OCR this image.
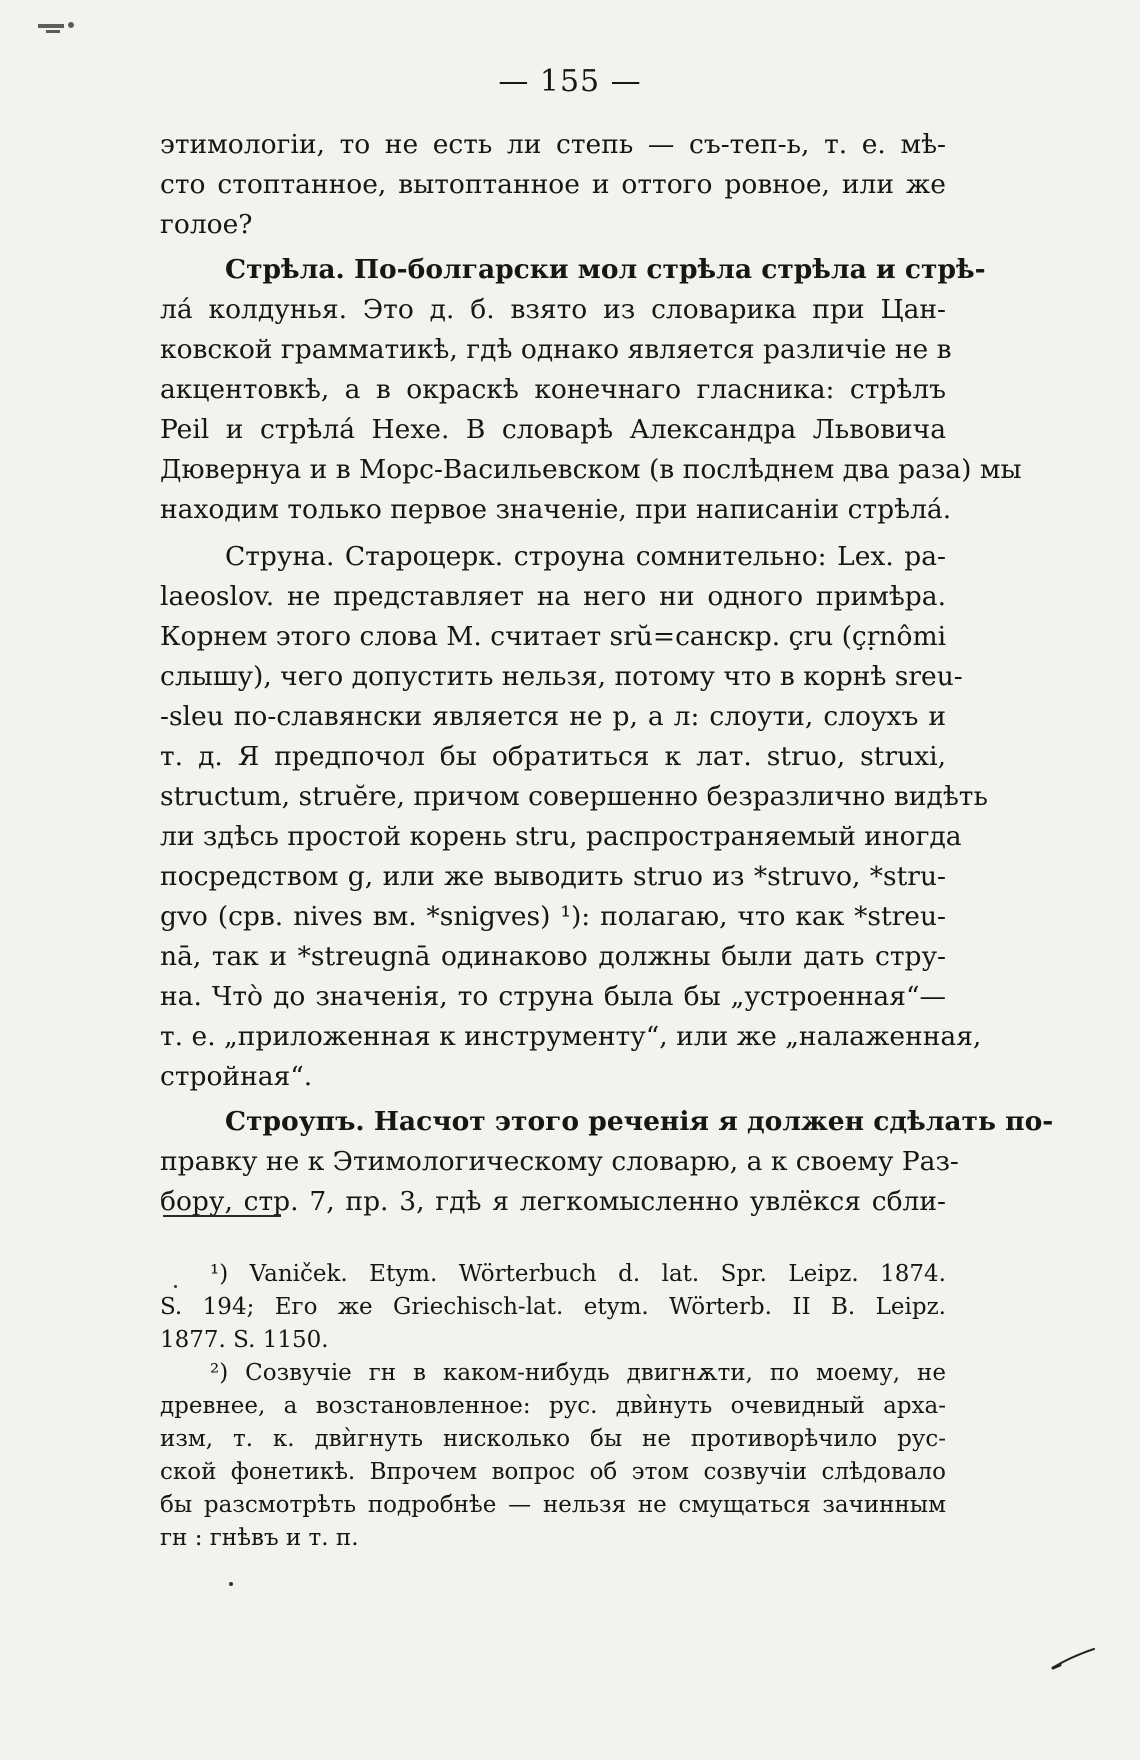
— 155 —
этимологіи, то не есть ли степь — съ-теп-ь, т. е. мѣ-
сто стоптанное, вытоптанное и оттого ровное, или же
голое?
Стрѣла. По-болгарски мол стрѣла стрѣла и стрѣ-
ла́ колдунья. Это д. б. взято из словарика при Цан-
ковской грамматикѣ, гдѣ однако является различіе не в
акцентовкѣ, а в окраскѣ конечнаго гласника: стрѣлъ
Peil и стрѣла́ Hexe. В словарѣ Александра Львовича
Дювернуа и в Морс-Васильевском (в послѣднем два раза) мы
находим только первое значеніе, при написаніи стрѣла́.
Струна. Староцерк. строуна сомнительно: Lex. pa-
laeoslov. не представляет на него ни одного примѣра.
Корнем этого слова M. считает srŭ=санскр. çru (çṛnômi
слышу), чего допустить нельзя, потому что в корнѣ sreu-
-sleu по-славянски является не р, а л: слоути, слоухъ и
т. д. Я предпочол бы обратиться к лат. struo, struxi,
structum, struĕre, причом совершенно безразлично видѣть
ли здѣсь простой корень stru, распространяемый иногда
посредством g, или же выводить struo из *struvo, *stru-
gvo (срв. nives вм. *snigves) ¹): полагаю, что как *streu-
nā, так и *streugnā одинаково должны были дать стру-
на. Что̀ до значенія, то струна была бы „устроенная“—
т. е. „приложенная к инструменту“, или же „налаженная,
стройная“.
Строупъ. Насчот этого реченія я должен сдѣлать по-
правку не к Этимологическому словарю, а к своему Раз-
бору, стр. 7, пр. 3, гдѣ я легкомысленно увлёкся сбли-
¹) Vaniček. Etym. Wörterbuch d. lat. Spr. Leipz. 1874.
S. 194; Его же Griechisch-lat. etym. Wörterb. II B. Leipz.
1877. S. 1150.
²) Созвучіе гн в каком-нибудь двигнѫти, по моему, не
древнее, а возстановленное: рус. двѝнуть очевидный архa-
изм, т. к. двѝгнуть нисколько бы не противорѣчило рус-
ской фонетикѣ. Впрочем вопрос об этом созвучіи слѣдовало
бы разсмотрѣть подробнѣе — нельзя не смущаться зачинным
гн : гнѣвъ и т. п.
